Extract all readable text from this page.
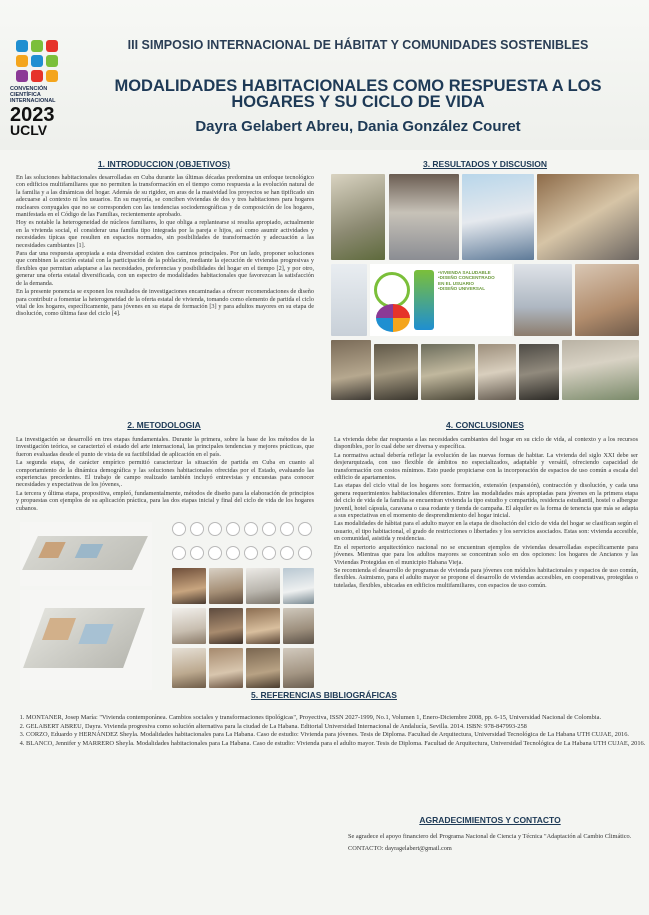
CONVENCIÓN
CIENTÍFICA
INTERNACIONAL
2023
UCLV
III SIMPOSIO INTERNACIONAL DE HÁBITAT Y COMUNIDADES SOSTENIBLES
MODALIDADES HABITACIONALES COMO RESPUESTA A LOS HOGARES Y SU CICLO DE VIDA
Dayra Gelabert Abreu, Dania González Couret
1. INTRODUCCION (OBJETIVOS)

En las soluciones habitacionales desarrolladas en Cuba durante las últimas décadas predomina un enfoque tecnológico con edificios multifamiliares que no permiten la transformación en el tiempo como respuesta a la evolución natural de la familia y a las dinámicas del hogar. Además de su rigidez, en aras de la masividad los proyectos se han tipificado sin adecuarse al contexto ni los usuarios. En su mayoría, se conciben viviendas de dos y tres habitaciones para hogares nucleares conyugales que no se corresponden con las tendencias sociodemográficas y de composición de los hogares, manifestada en el Código de las Familias, recientemente aprobado.

Hoy es notable la heterogeneidad de núcleos familiares, lo que obliga a replantearse si resulta apropiado, actualmente en la vivienda social, el considerar una familia tipo integrada por la pareja e hijos, así como asumir actividades y necesidades típicas que resulten en espacios normados, sin posibilidades de transformación y adecuación a las necesidades cambiantes [1].

Para dar una respuesta apropiada a esta diversidad existen dos caminos principales. Por un lado, proponer soluciones que combinen la acción estatal con la participación de la población, mediante la ejecución de viviendas progresivas y flexibles que permitan adaptarse a las necesidades, preferencias y posibilidades del hogar en el tiempo [2], y por otro, generar una oferta estatal diversificada, con un espectro de modalidades habitacionales que favorezcan la satisfacción de la demanda.

En la presente ponencia se exponen los resultados de investigaciones encaminadas a ofrecer recomendaciones de diseño para contribuir a fomentar la heterogeneidad de la oferta estatal de vivienda, tomando como elemento de partida el ciclo vital de los hogares, específicamente, para jóvenes en su etapa de formación [3] y para adultos mayores en su etapa de disolución, como última fase del ciclo [4].

3. RESULTADOS Y DISCUSION
•VIVIENDA SALUDABLE
•DISEÑO CONCENTRADO
EN EL USUARIO
•DISEÑO UNIVERSAL
2. METODOLOGIA

La investigación se desarrolló en tres etapas fundamentales. Durante la primera, sobre la base de los métodos de la investigación teórica, se caracterizó el estado del arte internacional, las principales tendencias y mejores prácticas, que fueron evaluadas desde el punto de vista de su factibilidad de aplicación en el país.

La segunda etapa, de carácter empírico permitió caracterizar la situación de partida en Cuba en cuanto al comportamiento de la dinámica demográfica y las soluciones habitacionales ofrecidas por el Estado, evaluando las experiencias precedentes. El trabajo de campo realizado también incluyó entrevistas y encuestas para conocer necesidades y expectativas de los jóvenes,.

La tercera y última etapa, propositiva, empleó, fundamentalmente, métodos de diseño para la elaboración de principios y propuestas con ejemplos de su aplicación práctica, para las dos etapas inicial y final del ciclo de vida de los hogares cubanos.

4. CONCLUSIONES

La vivienda debe dar respuesta a las necesidades cambiantes del hogar en su ciclo de vida, al contexto y a los recursos disponibles, por lo cual debe ser diversa y específica.

La normativa actual debería reflejar la evolución de las nuevas formas de habitar. La vivienda del siglo XXI debe ser desjerarquizada, con uso flexible de ámbitos no especializados, adaptable y versátil, ofreciendo capacidad de transformación con costos mínimos. Esto puede propiciarse con la incorporación de espacios de uso común a escala del edificio de apartamentos.

Las etapas del ciclo vital de los hogares son: formación, extensión (expansión), contracción y disolución, y cada una genera requerimientos habitacionales diferentes. Entre las modalidades más apropiadas para jóvenes en la primera etapa del ciclo de vida de la familia se encuentran vivienda la tipo estudio y compartida, residencia estudiantil, hostel o albergue juvenil, hotel cápsula, caravana o casa rodante y tienda de campaña. El alquiler es la forma de tenencia que más se adapta a sus expectativas en el momento de desprendimiento del hogar inicial.

Las modalidades de hábitat para el adulto mayor en la etapa de disolución del ciclo de vida del hogar se clasifican según el usuario, el tipo habitacional, el grado de restricciones o libertades y los servicios asociados. Estas son: vivienda accesible, en comunidad, asistida y residencias.

En el repertorio arquitectónico nacional no se encuentran ejemplos de viviendas desarrolladas específicamente para jóvenes. Mientras que para los adultos mayores se concentran solo en dos opciones: los hogares de Ancianos y las Viviendas Protegidas en el municipio Habana Vieja.

Se recomienda el desarrollo de programas de vivienda para jóvenes con módulos habitacionales y espacios de uso común, flexibles. Asimismo, para el adulto mayor se propone el desarrollo de viviendas accesibles, en cooperativas, protegidas o tuteladas, flexibles, ubicadas en edificios multifamiliares, con espacios de uso común.

5. REFERENCIAS BIBLIOGRÁFICAS
1. MONTANER, Josep María: "Vivienda contemporánea. Cambios sociales y transformaciones tipológicas", Proyectiva, ISSN 2027-1999, No.1, Volumen 1, Enero-Diciembre 2008, pp. 6-15, Universidad Nacional de Colombia.
2. GELABERT ABREU, Dayra. Vivienda progresiva como solución alternativa para la ciudad de La Habana. Editorial Universidad Internacional de Andalucía, Sevilla. 2014. ISBN: 978-847993-258
3. CORZO, Eduardo y HERNÁNDEZ Sheyla. Modalidades habitacionales para La Habana. Caso de estudio: Vivienda para jóvenes. Tesis de Diploma. Facultad de Arquitectura, Universidad Tecnológica de La Habana UTH CUJAE, 2016.
4. BLANCO, Jennifer y MARRERO Sheyla. Modalidades habitacionales para La Habana. Caso de estudio: Vivienda para el adulto mayor. Tesis de Diploma. Facultad de Arquitectura, Universidad Tecnológica de La Habana UTH CUJAE, 2016.
AGRADECIMIENTOS Y CONTACTO
Se agradece el apoyo financiero del Programa Nacional de Ciencia y Técnica "Adaptación al Cambio Climático.
CONTACTO: dayragelabert@gmail.com
